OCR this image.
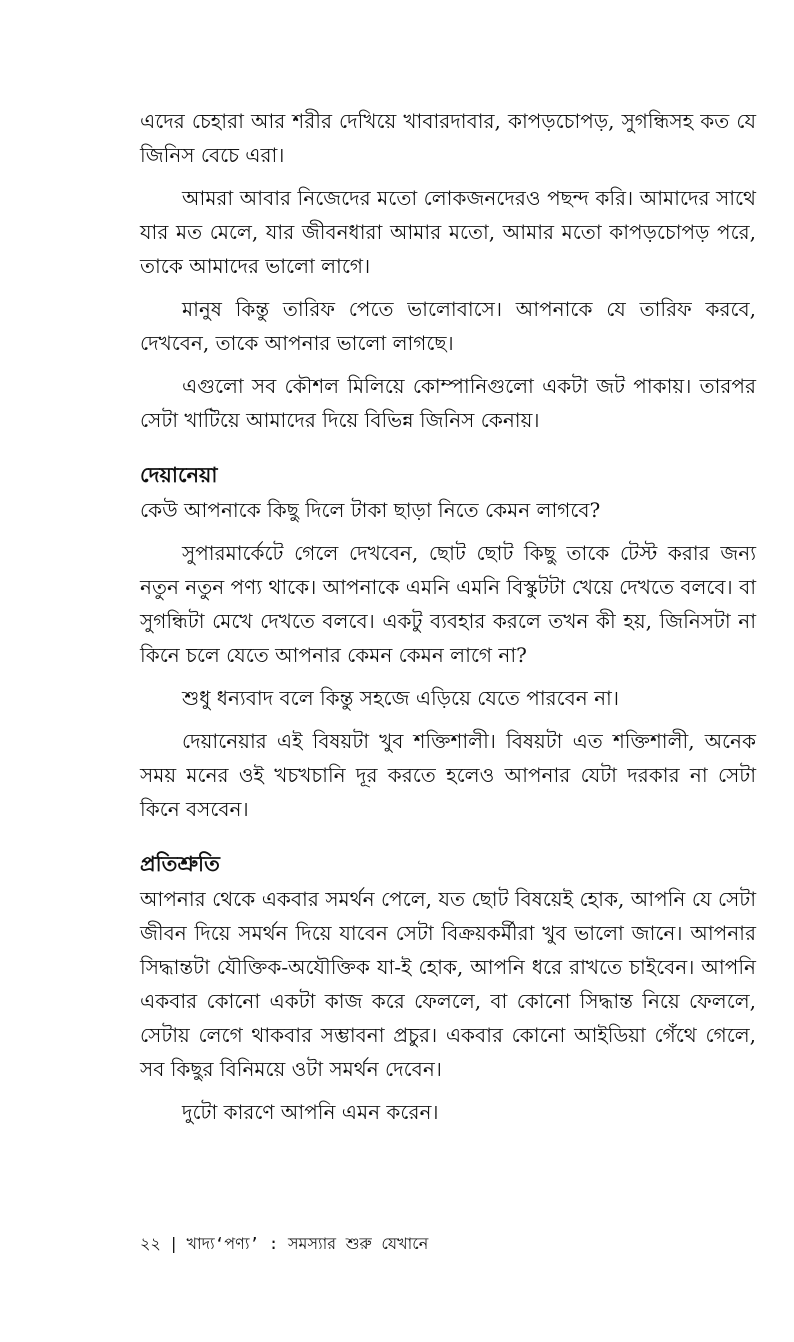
এদের চেহারা আর শরীর দেখিয়ে খাবারদাবার, কাপড়চোপড়, সুগন্ধিসহ কত যে জিনিস বেচে এরা।

আমরা আবার নিজেদের মতো লোকজনদেরও পছন্দ করি। আমাদের সাথে যার মত মেলে, যার জীবনধারা আমার মতো, আমার মতো কাপড়চোপড় পরে, তাকে আমাদের ভালো লাগে।

মানুষ কিন্তু তারিফ পেতে ভালোবাসে। আপনাকে যে তারিফ করবে, দেখবেন, তাকে আপনার ভালো লাগছে।

এগুলো সব কৌশল মিলিয়ে কোম্পানিগুলো একটা জট পাকায়। তারপর সেটা খাটিয়ে আমাদের দিয়ে বিভিন্ন জিনিস কেনায়।

দেয়ানেয়া

কেউ আপনাকে কিছু দিলে টাকা ছাড়া নিতে কেমন লাগবে?

সুপারমার্কেটে গেলে দেখবেন, ছোট ছোট কিছু তাকে টেস্ট করার জন্য নতুন নতুন পণ্য থাকে। আপনাকে এমনি এমনি বিস্কুটটা খেয়ে দেখতে বলবে। বা সুগন্ধিটা মেখে দেখতে বলবে। একটু ব্যবহার করলে তখন কী হয়, জিনিসটা না কিনে চলে যেতে আপনার কেমন কেমন লাগে না?

শুধু ধন্যবাদ বলে কিন্তু সহজে এড়িয়ে যেতে পারবেন না।

দেয়ানেয়ার এই বিষয়টা খুব শক্তিশালী। বিষয়টা এত শক্তিশালী, অনেক সময় মনের ওই খচখচানি দূর করতে হলেও আপনার যেটা দরকার না সেটা কিনে বসবেন।

প্রতিশ্রুতি

আপনার থেকে একবার সমর্থন পেলে, যত ছোট বিষয়েই হোক, আপনি যে সেটা জীবন দিয়ে সমর্থন দিয়ে যাবেন সেটা বিক্রয়কর্মীরা খুব ভালো জানে। আপনার সিদ্ধান্তটা যৌক্তিক-অযৌক্তিক যা-ই হোক, আপনি ধরে রাখতে চাইবেন। আপনি একবার কোনো একটা কাজ করে ফেললে, বা কোনো সিদ্ধান্ত নিয়ে ফেললে, সেটায় লেগে থাকবার সম্ভাবনা প্রচুর। একবার কোনো আইডিয়া গেঁথে গেলে, সব কিছুর বিনিময়ে ওটা সমর্থন দেবেন।

দুটো কারণে আপনি এমন করেন।

২২ | খাদ্য‘পণ্য’ : সমস্যার শুরু যেখানে
